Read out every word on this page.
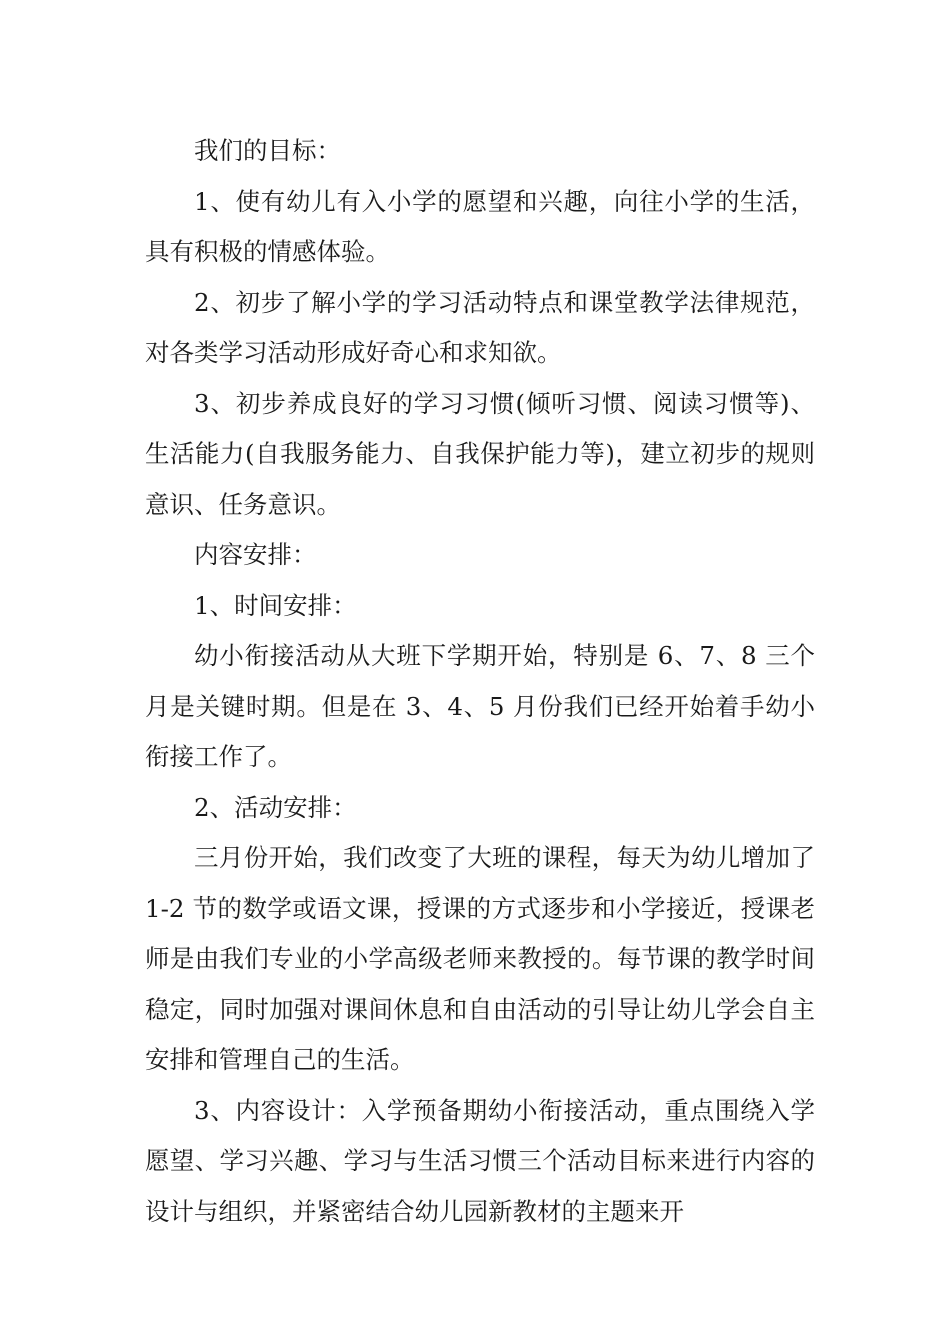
我们的目标：

1、使有幼儿有入小学的愿望和兴趣，向往小学的生活，具有积极的情感体验。

2、初步了解小学的学习活动特点和课堂教学法律规范，对各类学习活动形成好奇心和求知欲。

3、初步养成良好的学习习惯(倾听习惯、阅读习惯等)、生活能力(自我服务能力、自我保护能力等)，建立初步的规则意识、任务意识。

内容安排：

1、时间安排：

幼小衔接活动从大班下学期开始，特别是 6、7、8 三个月是关键时期。但是在 3、4、5 月份我们已经开始着手幼小衔接工作了。

2、活动安排：

三月份开始，我们改变了大班的课程，每天为幼儿增加了 1-2 节的数学或语文课，授课的方式逐步和小学接近，授课老师是由我们专业的小学高级老师来教授的。每节课的教学时间稳定，同时加强对课间休息和自由活动的引导让幼儿学会自主安排和管理自己的生活。

3、内容设计：入学预备期幼小衔接活动，重点围绕入学愿望、学习兴趣、学习与生活习惯三个活动目标来进行内容的设计与组织，并紧密结合幼儿园新教材的主题来开
